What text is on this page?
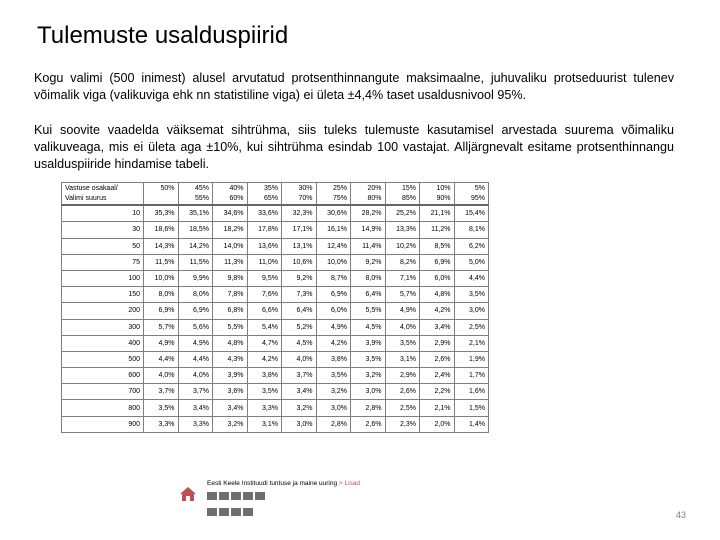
Tulemuste usalduspiirid
Kogu valimi (500 inimest) alusel arvutatud protsenthinnangute maksimaalne, juhuvaliku protseduurist tulenev võimalik viga (valikuviga ehk nn statistiline viga) ei ületa ±4,4% taset usaldusnivool 95%.
Kui soovite vaadelda väiksemat sihtrühma, siis tuleks tulemuste kasutamisel arvestada suurema võimaliku valikuveaga, mis ei ületa aga ±10%, kui sihtrühma esindab 100 vastajat. Alljärgnevalt esitame protsenthinnangu usalduspiiride hindamise tabeli.
Vastuse osakaal/	50%	45%	40%	35%	30%	25%	20%	15%	10%	5%
Valimi suurus		55%	60%	65%	70%	75%	80%	85%	90%	95%
10	35,3%	35,1%	34,6%	33,6%	32,3%	30,6%	28,2%	25,2%	21,1%	15,4%
30	18,6%	18,5%	18,2%	17,8%	17,1%	16,1%	14,9%	13,3%	11,2%	8,1%
50	14,3%	14,2%	14,0%	13,6%	13,1%	12,4%	11,4%	10,2%	8,5%	6,2%
75	11,5%	11,5%	11,3%	11,0%	10,6%	10,0%	9,2%	8,2%	6,9%	5,0%
100	10,0%	9,9%	9,8%	9,5%	9,2%	8,7%	8,0%	7,1%	6,0%	4,4%
150	8,0%	8,0%	7,8%	7,6%	7,3%	6,9%	6,4%	5,7%	4,8%	3,5%
200	6,9%	6,9%	6,8%	6,6%	6,4%	6,0%	5,5%	4,9%	4,2%	3,0%
300	5,7%	5,6%	5,5%	5,4%	5,2%	4,9%	4,5%	4,0%	3,4%	2,5%
400	4,9%	4,9%	4,8%	4,7%	4,5%	4,2%	3,9%	3,5%	2,9%	2,1%
500	4,4%	4,4%	4,3%	4,2%	4,0%	3,8%	3,5%	3,1%	2,6%	1,9%
600	4,0%	4,0%	3,9%	3,8%	3,7%	3,5%	3,2%	2,9%	2,4%	1,7%
700	3,7%	3,7%	3,6%	3,5%	3,4%	3,2%	3,0%	2,6%	2,2%	1,6%
800	3,5%	3,4%	3,4%	3,3%	3,2%	3,0%	2,8%	2,5%	2,1%	1,5%
900	3,3%	3,3%	3,2%	3,1%	3,0%	2,8%	2,6%	2,3%	2,0%	1,4%
Eesti Keele Instituudi tuntuse ja maine uuring > Lisad
43
